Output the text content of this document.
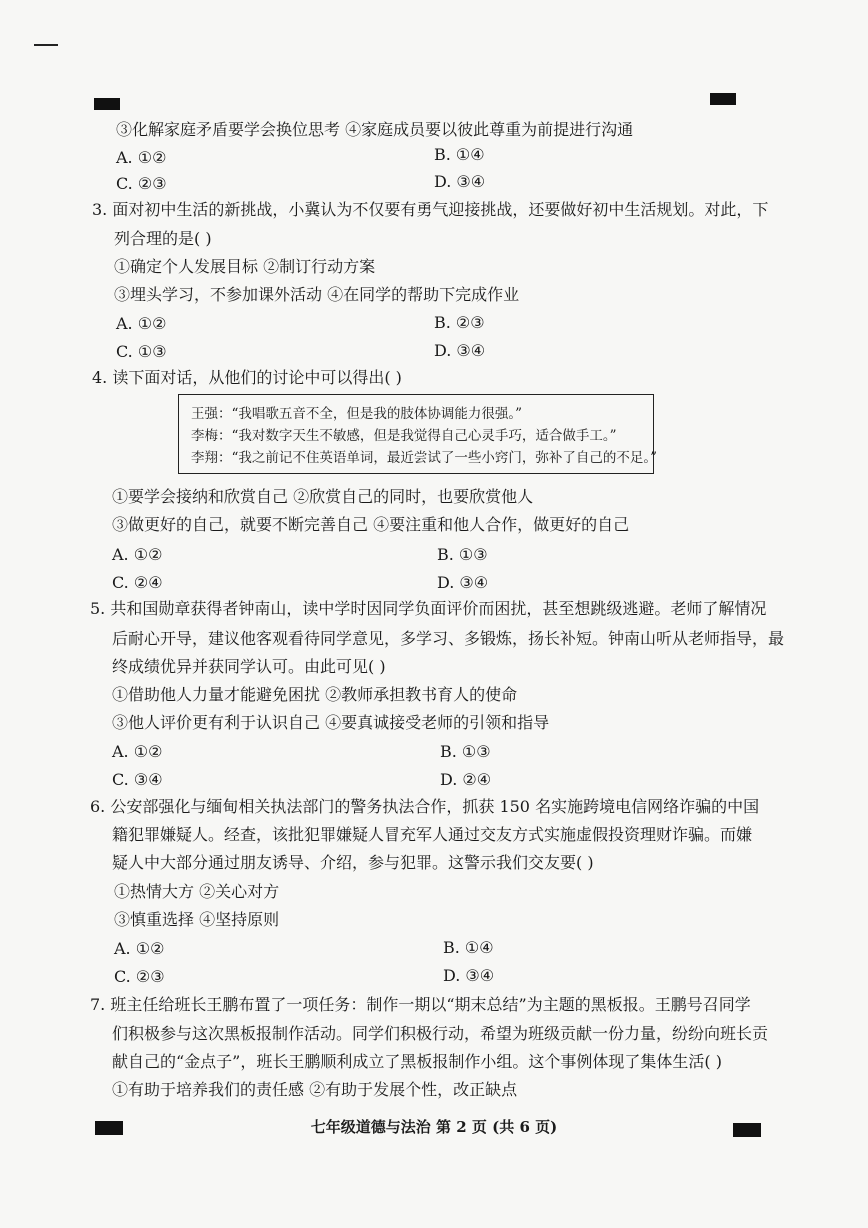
③化解家庭矛盾要学会换位思考 ④家庭成员要以彼此尊重为前提进行沟通
A. ①②	B. ①④
C. ②③	D. ③④
3. 面对初中生活的新挑战，小冀认为不仅要有勇气迎接挑战，还要做好初中生活规划。对此，下
列合理的是( )
①确定个人发展目标 ②制订行动方案
③埋头学习，不参加课外活动 ④在同学的帮助下完成作业
A. ①②	B. ②③
C. ①③	D. ③④
4. 读下面对话，从他们的讨论中可以得出( )
王强：“我唱歌五音不全，但是我的肢体协调能力很强。”
李梅：“我对数字天生不敏感，但是我觉得自己心灵手巧，适合做手工。”
李翔：“我之前记不住英语单词，最近尝试了一些小窍门，弥补了自己的不足。”
①要学会接纳和欣赏自己 ②欣赏自己的同时，也要欣赏他人
③做更好的自己，就要不断完善自己 ④要注重和他人合作，做更好的自己
A. ①②	B. ①③
C. ②④	D. ③④
5. 共和国勋章获得者钟南山，读中学时因同学负面评价而困扰，甚至想跳级逃避。老师了解情况
后耐心开导，建议他客观看待同学意见，多学习、多锻炼，扬长补短。钟南山听从老师指导，最
终成绩优异并获同学认可。由此可见( )
①借助他人力量才能避免困扰 ②教师承担教书育人的使命
③他人评价更有利于认识自己 ④要真诚接受老师的引领和指导
A. ①②	B. ①③
C. ③④	D. ②④
6. 公安部强化与缅甸相关执法部门的警务执法合作，抓获 150 名实施跨境电信网络诈骗的中国
籍犯罪嫌疑人。经查，该批犯罪嫌疑人冒充军人通过交友方式实施虚假投资理财诈骗。而嫌
疑人中大部分通过朋友诱导、介绍，参与犯罪。这警示我们交友要( )
①热情大方 ②关心对方
③慎重选择 ④坚持原则
A. ①②	B. ①④
C. ②③	D. ③④
7. 班主任给班长王鹏布置了一项任务：制作一期以“期末总结”为主题的黑板报。王鹏号召同学
们积极参与这次黑板报制作活动。同学们积极行动，希望为班级贡献一份力量，纷纷向班长贡
献自己的“金点子”，班长王鹏顺利成立了黑板报制作小组。这个事例体现了集体生活( )
①有助于培养我们的责任感 ②有助于发展个性，改正缺点
七年级道德与法治 第 2 页 (共 6 页)
